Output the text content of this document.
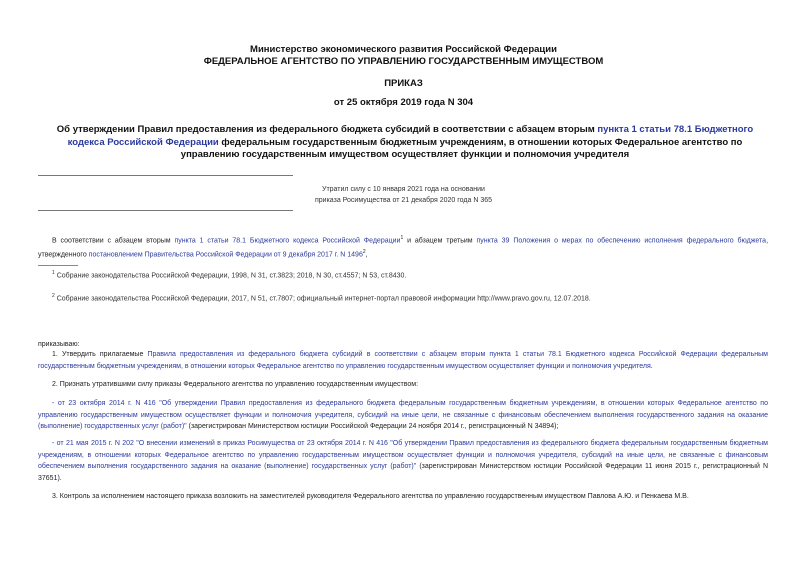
Министерство экономического развития Российской Федерации
ФЕДЕРАЛЬНОЕ АГЕНТСТВО ПО УПРАВЛЕНИЮ ГОСУДАРСТВЕННЫМ ИМУЩЕСТВОМ
ПРИКАЗ
от 25 октября 2019 года N 304
Об утверждении Правил предоставления из федерального бюджета субсидий в соответствии с абзацем вторым пункта 1 статьи 78.1 Бюджетного кодекса Российской Федерации федеральным государственным бюджетным учреждениям, в отношении которых Федеральное агентство по управлению государственным имуществом осуществляет функции и полномочия учредителя
Утратил силу с 10 января 2021 года на основании
приказа Росимущества от 21 декабря 2020 года N 365
В соответствии с абзацем вторым пункта 1 статьи 78.1 Бюджетного кодекса Российской Федерации$^1$ и абзацем третьим пункта 39 Положения о мерах по обеспечению исполнения федерального бюджета, утвержденного постановлением Правительства Российской Федерации от 9 декабря 2017 г. N 1496$^2$,
$^1$ Собрание законодательства Российской Федерации, 1998, N 31, ст.3823; 2018, N 30, ст.4557; N 53, ст.8430.
$^2$ Собрание законодательства Российской Федерации, 2017, N 51, ст.7807; официальный интернет-портал правовой информации http://www.pravo.gov.ru, 12.07.2018.
приказываю:
1. Утвердить прилагаемые Правила предоставления из федерального бюджета субсидий в соответствии с абзацем вторым пункта 1 статьи 78.1 Бюджетного кодекса Российской Федерации федеральным государственным бюджетным учреждениям, в отношении которых Федеральное агентство по управлению государственным имуществом осуществляет функции и полномочия учредителя.
2. Признать утратившими силу приказы Федерального агентства по управлению государственным имуществом:
- от 23 октября 2014 г. N 416 "Об утверждении Правил предоставления из федерального бюджета федеральным государственным бюджетным учреждениям, в отношении которых Федеральное агентство по управлению государственным имуществом осуществляет функции и полномочия учредителя, субсидий на иные цели, не связанные с финансовым обеспечением выполнения государственного задания на оказание (выполнение) государственных услуг (работ)" (зарегистрирован Министерством юстиции Российской Федерации 24 ноября 2014 г., регистрационный N 34894);
- от 21 мая 2015 г. N 202 "О внесении изменений в приказ Росимущества от 23 октября 2014 г. N 416 "Об утверждении Правил предоставления из федерального бюджета федеральным государственным бюджетным учреждениям, в отношении которых Федеральное агентство по управлению государственным имуществом осуществляет функции и полномочия учредителя, субсидий на иные цели, не связанные с финансовым обеспечением выполнения государственного задания на оказание (выполнение) государственных услуг (работ)" (зарегистрирован Министерством юстиции Российской Федерации 11 июня 2015 г., регистрационный N 37651).
3. Контроль за исполнением настоящего приказа возложить на заместителей руководителя Федерального агентства по управлению государственным имуществом Павлова А.Ю. и Пенкаева М.В.
